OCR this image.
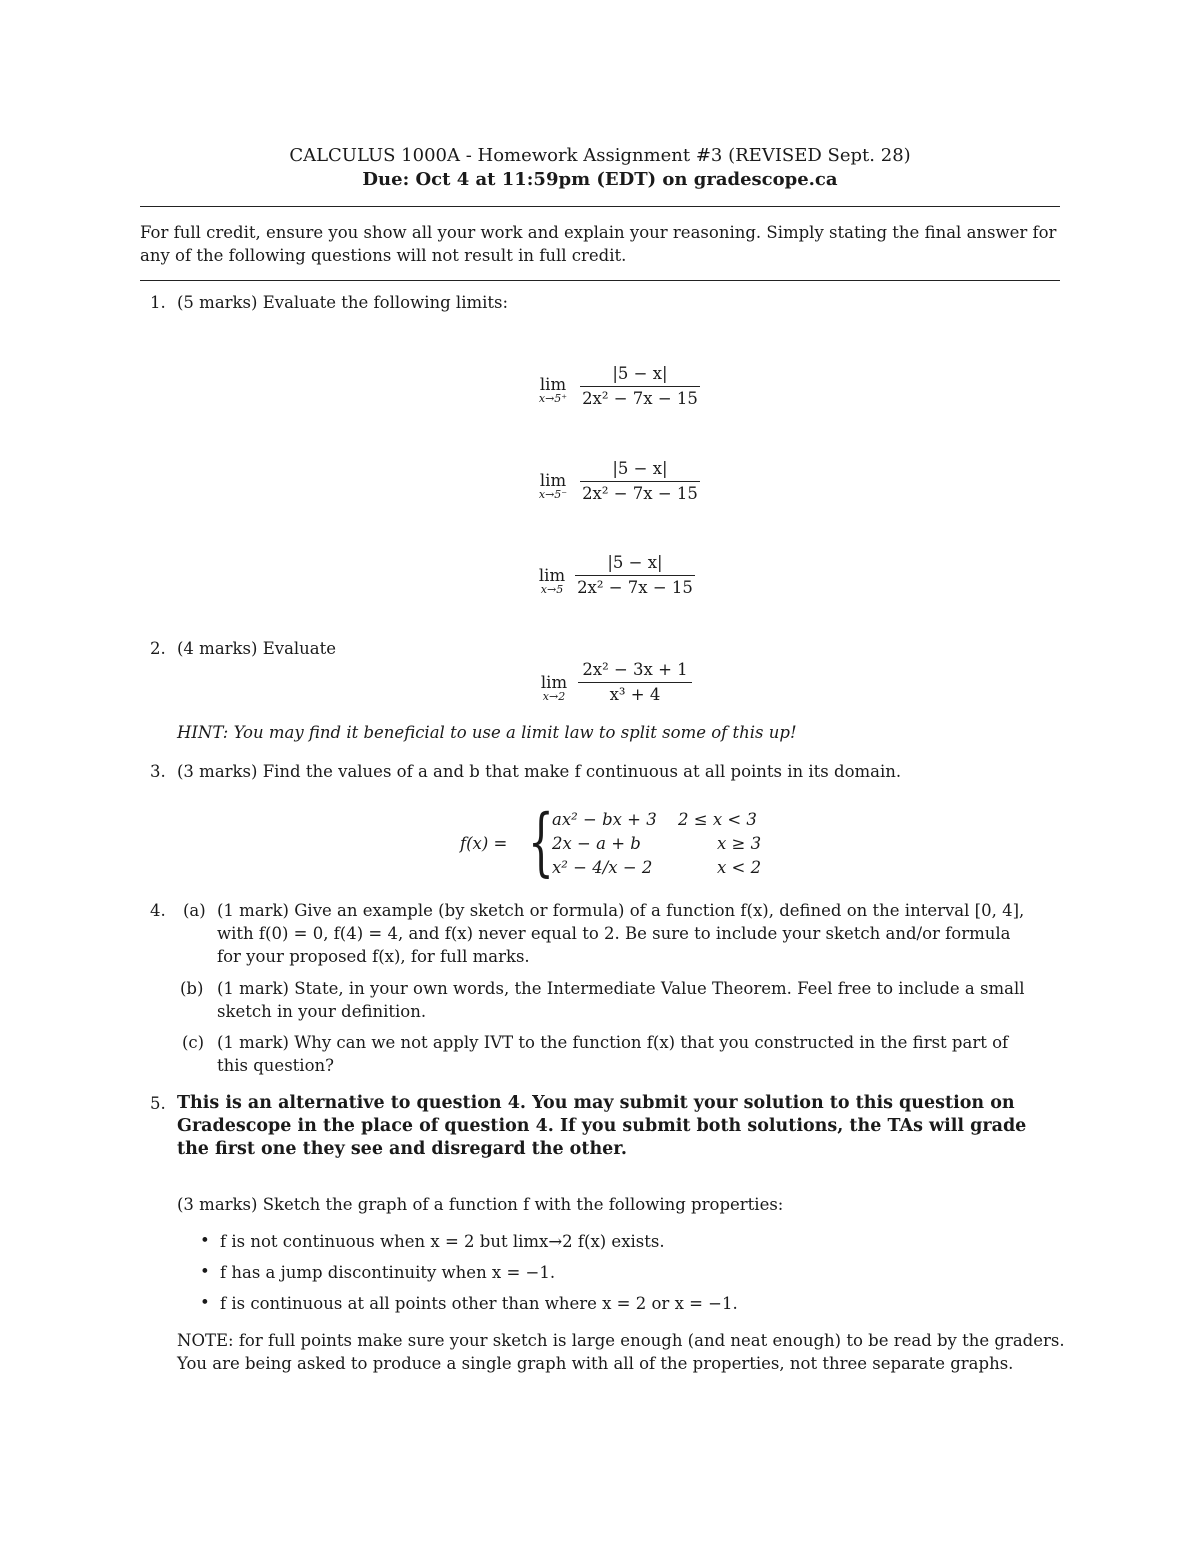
CALCULUS 1000A - Homework Assignment #3 (REVISED Sept. 28)
Due: Oct 4 at 11:59pm (EDT) on gradescope.ca
For full credit, ensure you show all your work and explain your reasoning. Simply stating the final answer for any of the following questions will not result in full credit.
1. (5 marks) Evaluate the following limits:
lim
x→5⁺
|5 − x|
2x² − 7x − 15
lim
x→5⁻
|5 − x|
2x² − 7x − 15
lim
x→5
|5 − x|
2x² − 7x − 15
2. (4 marks) Evaluate
lim
x→2
2x² − 3x + 1
x³ + 4
HINT: You may find it beneficial to use a limit law to split some of this up!
3. (3 marks) Find the values of a and b that make f continuous at all points in its domain.
f(x) = {
ax² − bx + 3 2 ≤ x < 3
2x − a + b	x ≥ 3
x² − 4/x − 2	x < 2
4. (a) (1 mark) Give an example (by sketch or formula) of a function f(x), defined on the interval [0, 4],
with f(0) = 0, f(4) = 4, and f(x) never equal to 2. Be sure to include your sketch and/or formula
for your proposed f(x), for full marks.
(b) (1 mark) State, in your own words, the Intermediate Value Theorem. Feel free to include a small
sketch in your definition.
(c) (1 mark) Why can we not apply IVT to the function f(x) that you constructed in the first part of
this question?
5. This is an alternative to question 4. You may submit your solution to this question on
Gradescope in the place of question 4. If you submit both solutions, the TAs will grade
the first one they see and disregard the other.
(3 marks) Sketch the graph of a function f with the following properties:
• f is not continuous when x = 2 but limx→2 f(x) exists.
• f has a jump discontinuity when x = −1.
• f is continuous at all points other than where x = 2 or x = −1.
NOTE: for full points make sure your sketch is large enough (and neat enough) to be read by the graders.
You are being asked to produce a single graph with all of the properties, not three separate graphs.
